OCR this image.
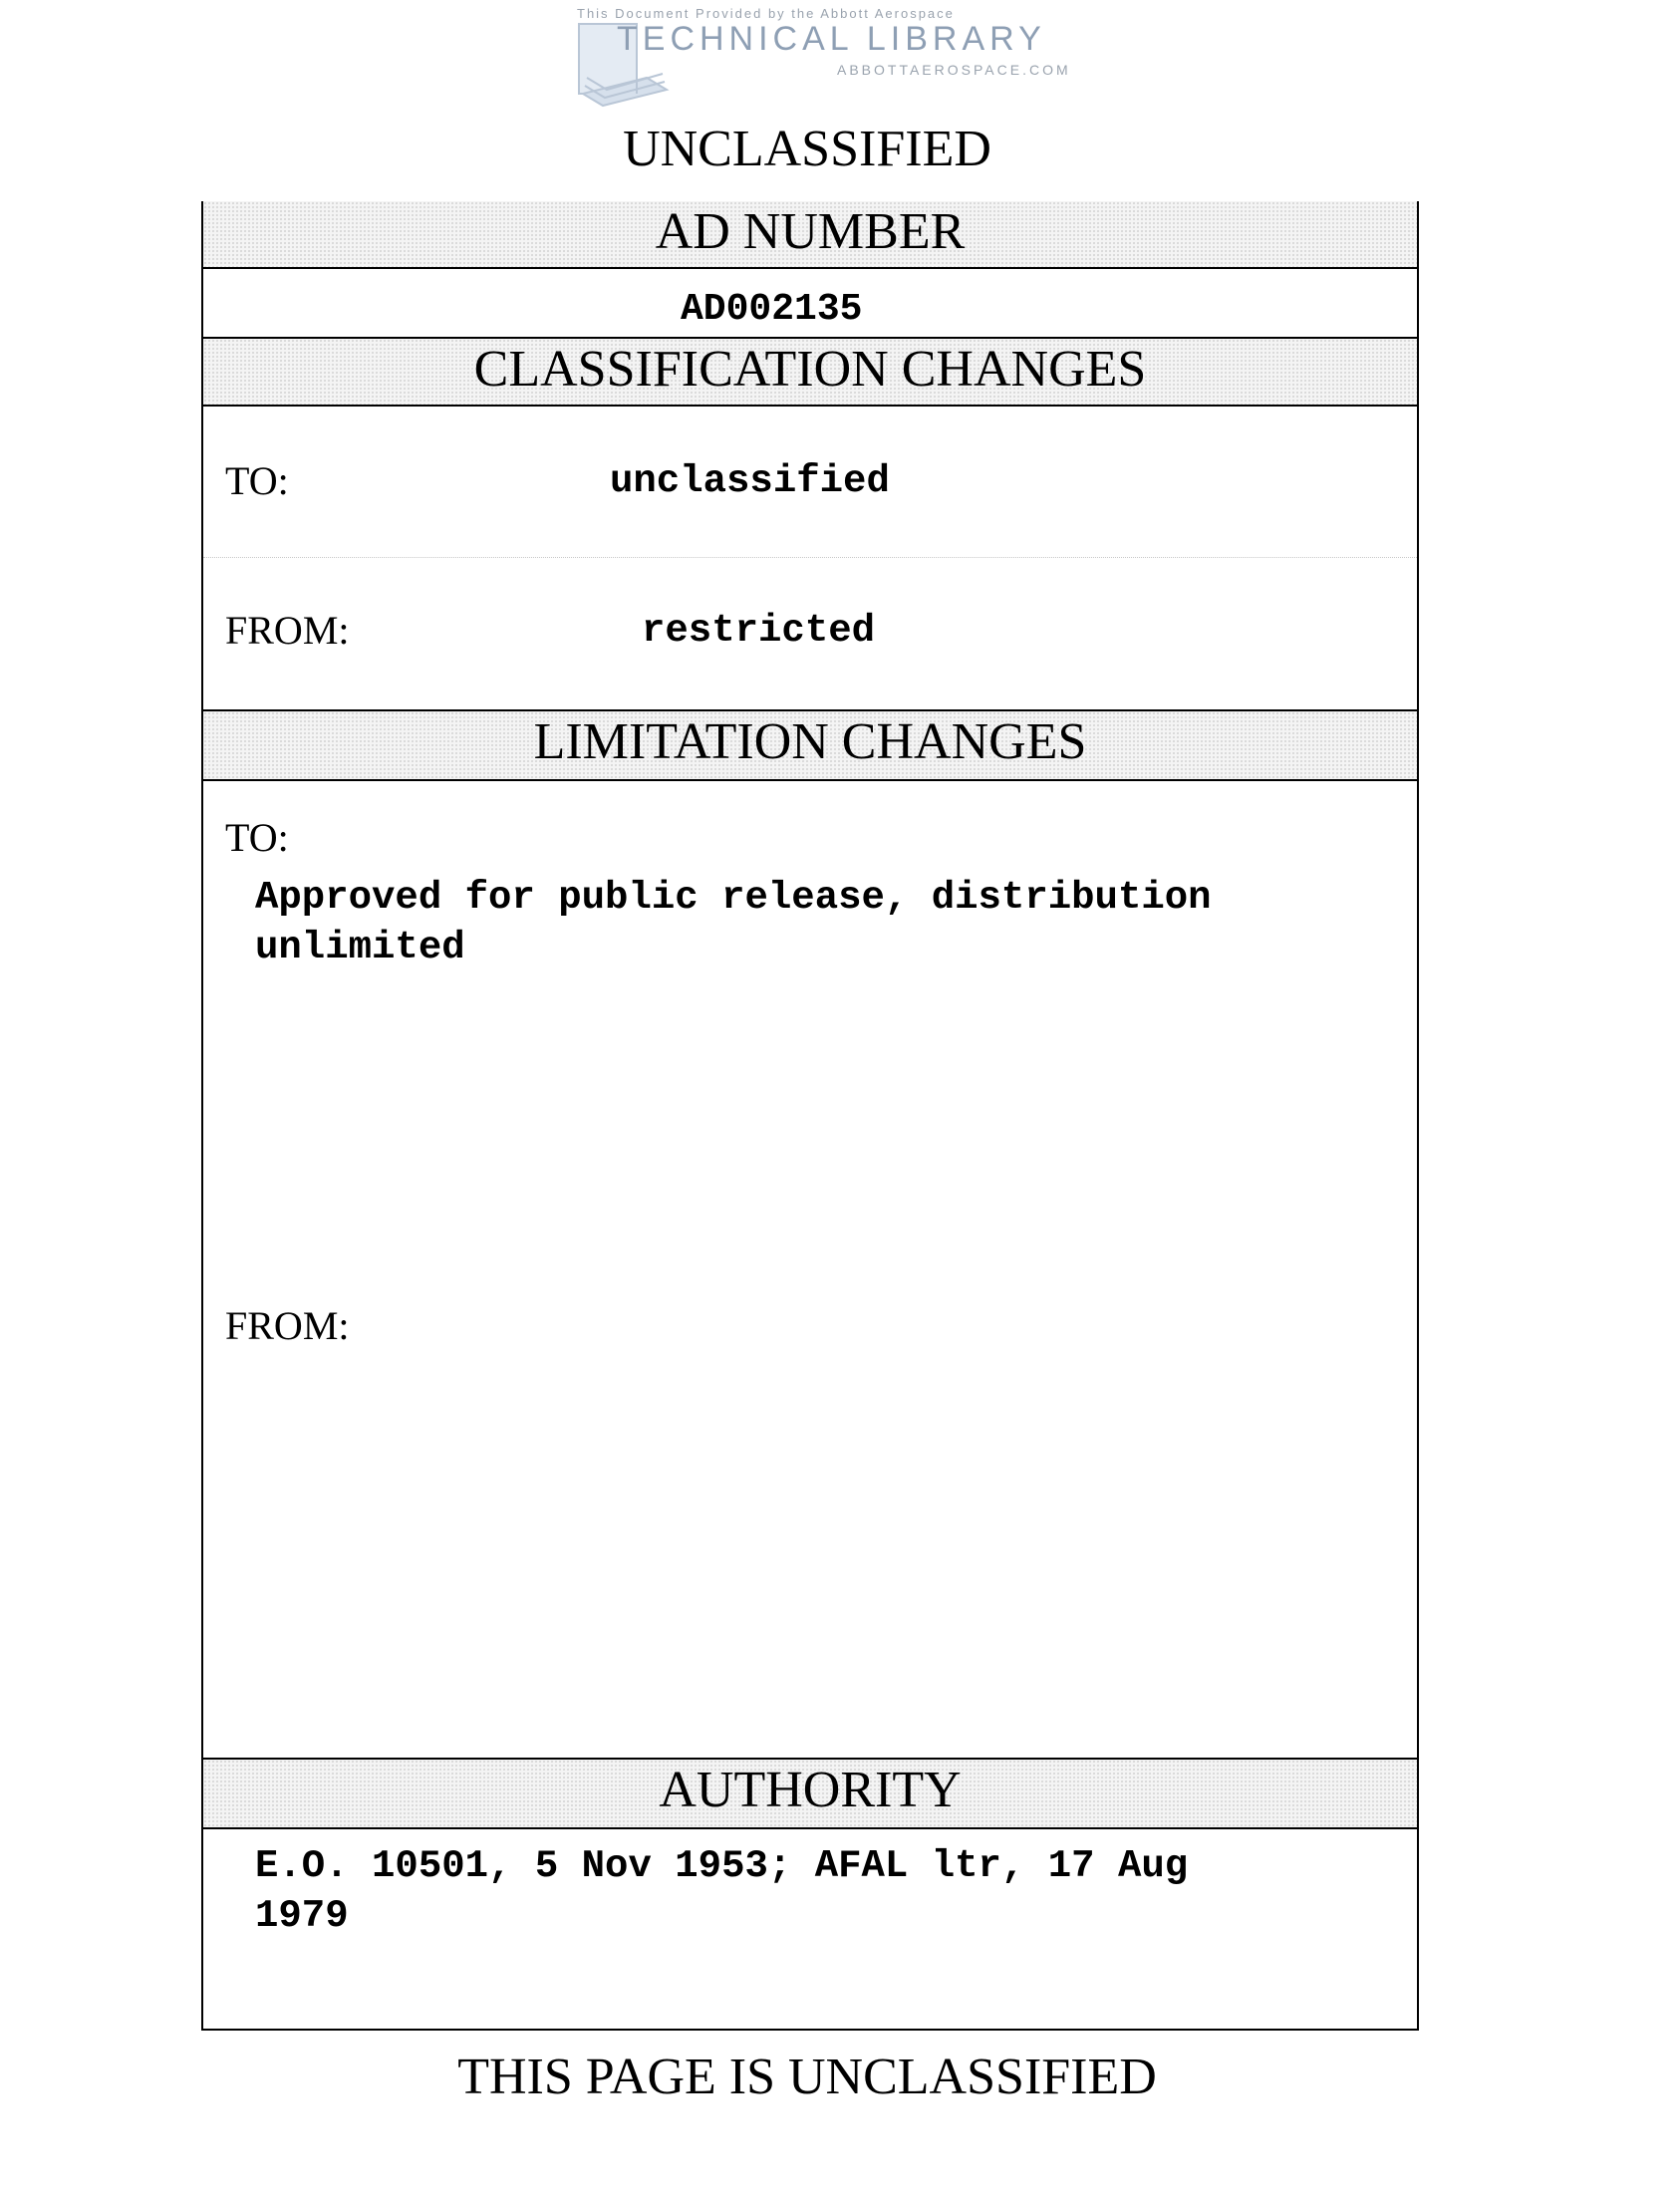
This Document Provided by the Abbott Aerospace
TECHNICAL LIBRARY
ABBOTTAEROSPACE.COM
UNCLASSIFIED
AD NUMBER
AD002135
CLASSIFICATION CHANGES
TO:	unclassified
FROM:	restricted
LIMITATION CHANGES
TO:
Approved for public release, distribution
unlimited
FROM:
AUTHORITY
E.O. 10501, 5 Nov 1953; AFAL ltr, 17 Aug
1979
THIS PAGE IS UNCLASSIFIED
